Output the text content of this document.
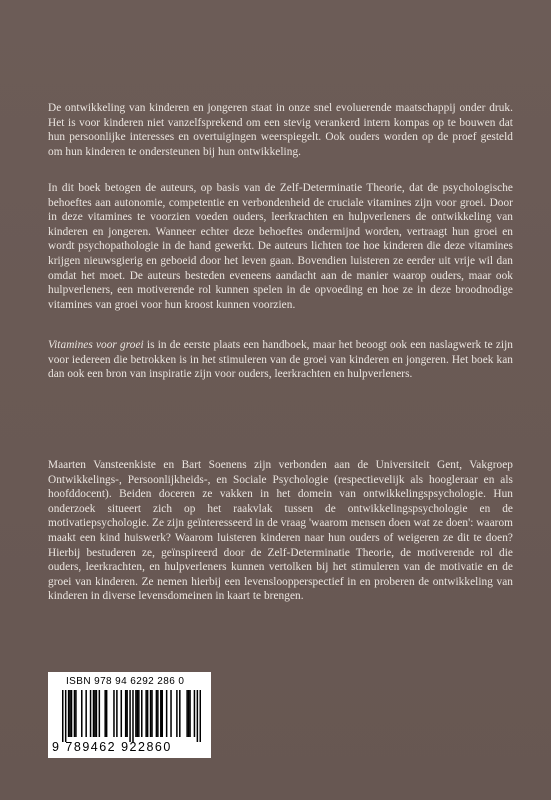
De ontwikkeling van kinderen en jongeren staat in onze snel evoluerende maatschappij onder druk. Het is voor kinderen niet vanzelfsprekend om een stevig verankerd intern kompas op te bouwen dat hun persoonlijke interesses en overtuigingen weerspiegelt. Ook ouders worden op de proef gesteld om hun kinderen te ondersteunen bij hun ontwikkeling.

In dit boek betogen de auteurs, op basis van de Zelf-Determinatie Theorie, dat de psychologische behoeftes aan autonomie, competentie en verbondenheid de cruciale vitamines zijn voor groei. Door in deze vitamines te voorzien voeden ouders, leerkrachten en hulpverleners de ontwikkeling van kinderen en jongeren. Wanneer echter deze behoeftes ondermijnd worden, vertraagt hun groei en wordt psychopathologie in de hand gewerkt. De auteurs lichten toe hoe kinderen die deze vitamines krijgen nieuwsgierig en geboeid door het leven gaan. Bovendien luisteren ze eerder uit vrije wil dan omdat het moet. De auteurs besteden eveneens aandacht aan de manier waarop ouders, maar ook hulpverleners, een motiverende rol kunnen spelen in de opvoeding en hoe ze in deze broodnodige vitamines van groei voor hun kroost kunnen voorzien.

Vitamines voor groei is in de eerste plaats een handboek, maar het beoogt ook een naslagwerk te zijn voor iedereen die betrokken is in het stimuleren van de groei van kinderen en jongeren. Het boek kan dan ook een bron van inspiratie zijn voor ouders, leerkrachten en hulpverleners.

Maarten Vansteenkiste en Bart Soenens zijn verbonden aan de Universiteit Gent, Vakgroep Ontwikkelings-, Persoonlijkheids-, en Sociale Psychologie (respectievelijk als hoogleraar en als hoofddocent). Beiden doceren ze vakken in het domein van ontwikkelingspsychologie. Hun onderzoek situeert zich op het raakvlak tussen de ontwikkelingspsychologie en de motivatiepsychologie. Ze zijn geïnteresseerd in de vraag 'waarom mensen doen wat ze doen': waarom maakt een kind huiswerk? Waarom luisteren kinderen naar hun ouders of weigeren ze dit te doen? Hierbij bestuderen ze, geïnspireerd door de Zelf-Determinatie Theorie, de motiverende rol die ouders, leerkrachten, en hulpverleners kunnen vertolken bij het stimuleren van de motivatie en de groei van kinderen. Ze nemen hierbij een levensloopperspectief in en proberen de ontwikkeling van kinderen in diverse levensdomeinen in kaart te brengen.

ISBN 978 94 6292 286 0
9 789462 922860
